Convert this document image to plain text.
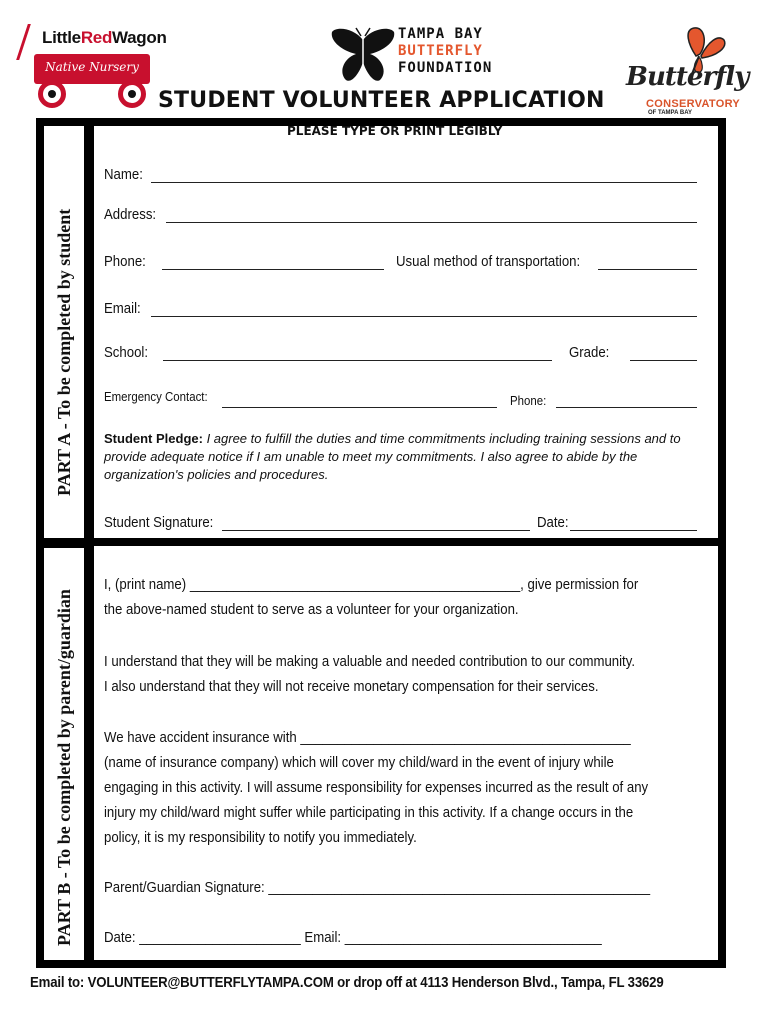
LittleRedWagon
Native Nursery
TAMPA BAY
BUTTERFLY
FOUNDATION	Butterfly
CONSERVATORY
OF TAMPA BAY
STUDENT VOLUNTEER APPLICATION
PART A - To be completed by student
PART B - To be completed by parent/guardian
PLEASE TYPE OR PRINT LEGIBLY
Name:
Address:
Phone:	Usual method of transportation:
Email:
School:	Grade:
Emergency Contact:	Phone:
Student Pledge: I agree to fulfill the duties and time commitments including training sessions and to provide adequate notice if I am unable to meet my commitments. I also agree to abide by the organization's policies and procedures.
Student Signature:	Date:

I, (print name) _____________________________________________, give permission for

the above-named student to serve as a volunteer for your organization.

I understand that they will be making a valuable and needed contribution to our community.

I also understand that they will not receive monetary compensation for their services.

We have accident insurance with _____________________________________________

(name of insurance company) which will cover my child/ward in the event of injury while

engaging in this activity. I will assume responsibility for expenses incurred as the result of any

injury my child/ward might suffer while participating in this activity. If a change occurs in the

policy, it is my responsibility to notify you immediately.

Parent/Guardian Signature: ____________________________________________________

Date: ______________________ Email: ___________________________________

Email to: VOLUNTEER@BUTTERFLYTAMPA.COM or drop off at 4113 Henderson Blvd., Tampa, FL 33629
